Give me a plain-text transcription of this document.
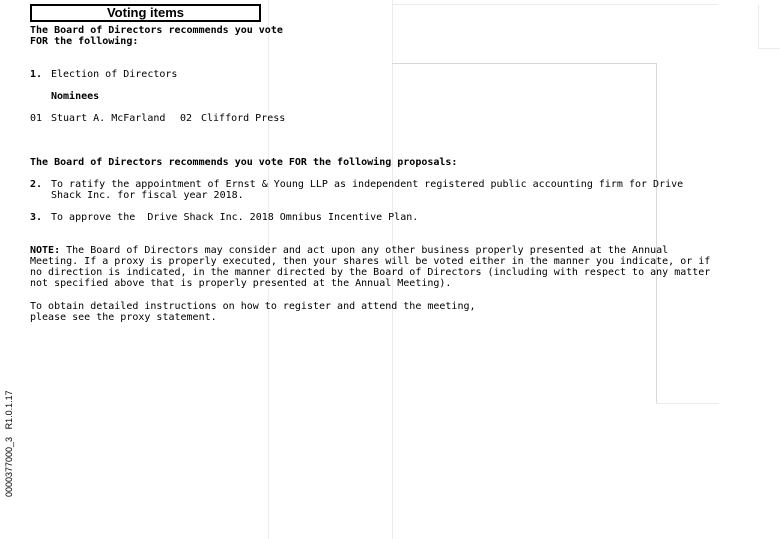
Voting items
The Board of Directors recommends you vote
FOR the following:
1. Election of Directors
Nominees
01 Stuart A. McFarland 02 Clifford Press
The Board of Directors recommends you vote FOR the following proposals:
2. To ratify the appointment of Ernst & Young LLP as independent registered public accounting firm for Drive
Shack Inc. for fiscal year 2018.
3. To approve the  Drive Shack Inc. 2018 Omnibus Incentive Plan.
NOTE: The Board of Directors may consider and act upon any other business properly presented at the Annual
Meeting. If a proxy is properly executed, then your shares will be voted either in the manner you indicate, or if
no direction is indicated, in the manner directed by the Board of Directors (including with respect to any matter
not specified above that is properly presented at the Annual Meeting).
To obtain detailed instructions on how to register and attend the meeting,
please see the proxy statement.
0000377000_3   R1.0.1.17
